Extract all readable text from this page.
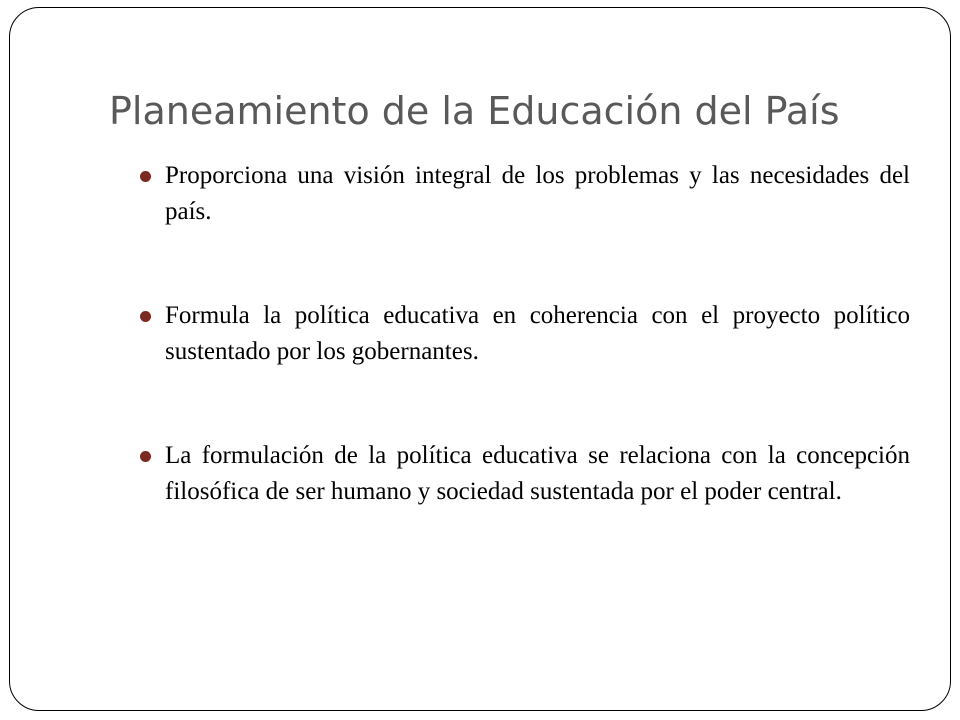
Planeamiento de la Educación del País
Proporciona una visión integral de los problemas y las necesidades del país.
Formula la política educativa en coherencia con el proyecto político sustentado por los gobernantes.
La formulación de la política educativa se relaciona con la concepción filosófica de ser humano y sociedad sustentada por el poder central.
